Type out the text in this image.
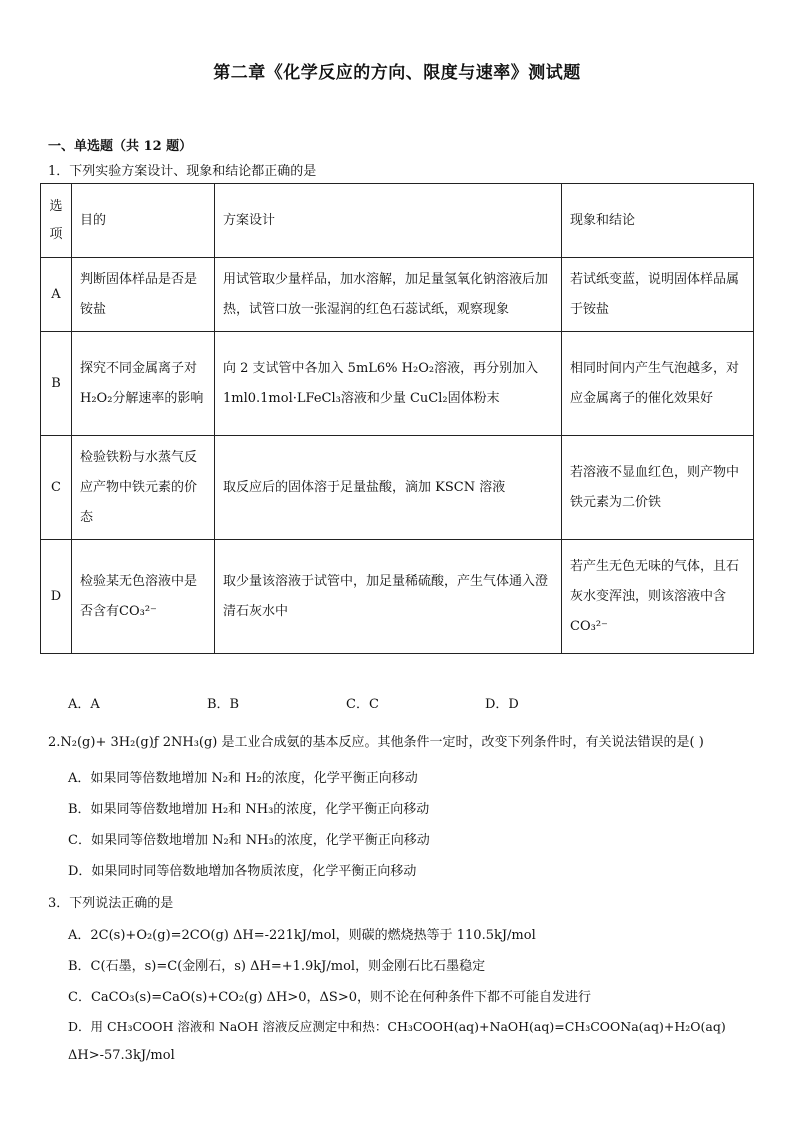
第二章《化学反应的方向、限度与速率》测试题
一、单选题（共 12 题）
1．下列实验方案设计、现象和结论都正确的是
选项	目的	方案设计	现象和结论
A	判断固体样品是否是铵盐	用试管取少量样品，加水溶解，加足量氢氧化钠溶液后加热，试管口放一张湿润的红色石蕊试纸，观察现象	若试纸变蓝，说明固体样品属于铵盐
B	探究不同金属离子对H₂O₂分解速率的影响	向 2 支试管中各加入 5mL6% H₂O₂溶液，再分别加入1ml0.1mol·LFeCl₃溶液和少量 CuCl₂固体粉末	相同时间内产生气泡越多，对应金属离子的催化效果好
C	检验铁粉与水蒸气反应产物中铁元素的价态	取反应后的固体溶于足量盐酸，滴加 KSCN 溶液	若溶液不显血红色，则产物中铁元素为二价铁
D	检验某无色溶液中是否含有CO₃²⁻	取少量该溶液于试管中，加足量稀硫酸，产生气体通入澄清石灰水中	若产生无色无味的气体，且石灰水变浑浊，则该溶液中含CO₃²⁻
A．A	B．B	C．C	D．D
2.N₂(g)+ 3H₂(g)ƒ 2NH₃(g) 是工业合成氨的基本反应。其他条件一定时，改变下列条件时，有关说法错误的是( )
A．如果同等倍数地增加 N₂和 H₂的浓度，化学平衡正向移动
B．如果同等倍数地增加 H₂和 NH₃的浓度，化学平衡正向移动
C．如果同等倍数地增加 N₂和 NH₃的浓度，化学平衡正向移动
D．如果同时同等倍数地增加各物质浓度，化学平衡正向移动
3．下列说法正确的是
A．2C(s)+O₂(g)=2CO(g) ΔH=-221kJ/mol，则碳的燃烧热等于 110.5kJ/mol
B．C(石墨，s)=C(金刚石，s) ΔH=+1.9kJ/mol，则金刚石比石墨稳定
C．CaCO₃(s)=CaO(s)+CO₂(g) ΔH>0，ΔS>0，则不论在何种条件下都不可能自发进行
D．用 CH₃COOH 溶液和 NaOH 溶液反应测定中和热：CH₃COOH(aq)+NaOH(aq)=CH₃COONa(aq)+H₂O(aq)
ΔH>-57.3kJ/mol
